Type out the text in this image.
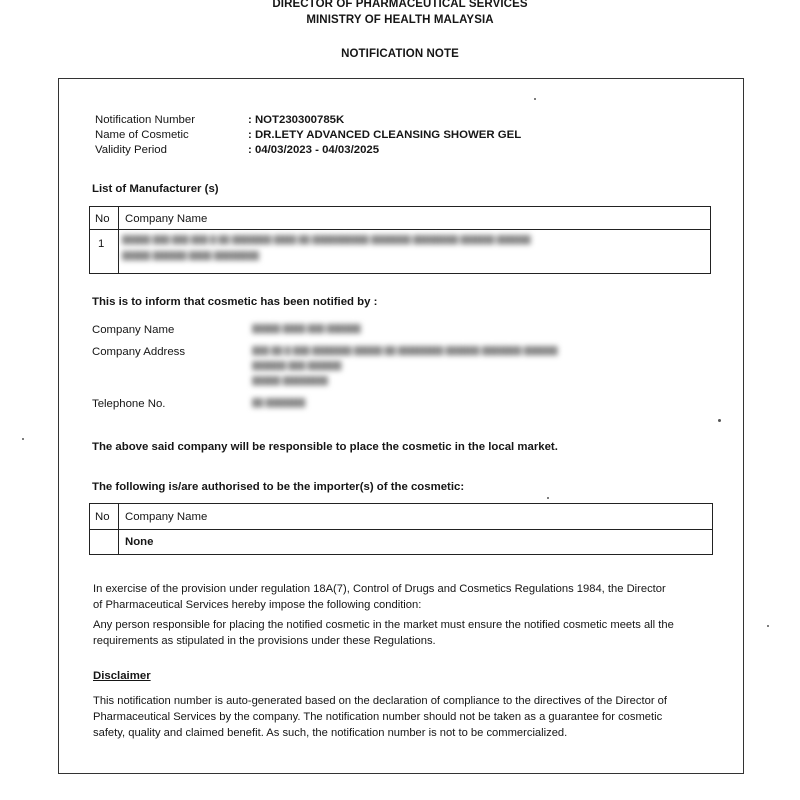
DIRECTOR OF PHARMACEUTICAL SERVICES
MINISTRY OF HEALTH MALAYSIA
NOTIFICATION NOTE
Notification Number	: NOT230300785K
Name of Cosmetic	: DR.LETY ADVANCED CLEANSING SHOWER GEL
Validity Period	: 04/03/2023 - 04/03/2025
List of Manufacturer (s)
No Company Name
1 █████ ███ ███ ███ █ ██ ███████ ████ ██ ██████████ ███████ ████████ ██████ ██████
█████ ██████ ████ ████████
This is to inform that cosmetic has been notified by :
Company Name	█████ ████ ███ ██████
Company Address	███ ██ █ ███ ███████ █████ ██ ████████ ██████ ███████ ██████
██████ ███ ██████
█████ ████████
Telephone No.	██ ███████
The above said company will be responsible to place the cosmetic in the local market.
The following is/are authorised to be the importer(s) of the cosmetic:
No Company Name
None
In exercise of the provision under regulation 18A(7), Control of Drugs and Cosmetics Regulations 1984, the Director
of Pharmaceutical Services hereby impose the following condition:
Any person responsible for placing the notified cosmetic in the market must ensure the notified cosmetic meets all the
requirements as stipulated in the provisions under these Regulations.
Disclaimer
This notification number is auto-generated based on the declaration of compliance to the directives of the Director of
Pharmaceutical Services by the company. The notification number should not be taken as a guarantee for cosmetic
safety, quality and claimed benefit. As such, the notification number is not to be commercialized.
